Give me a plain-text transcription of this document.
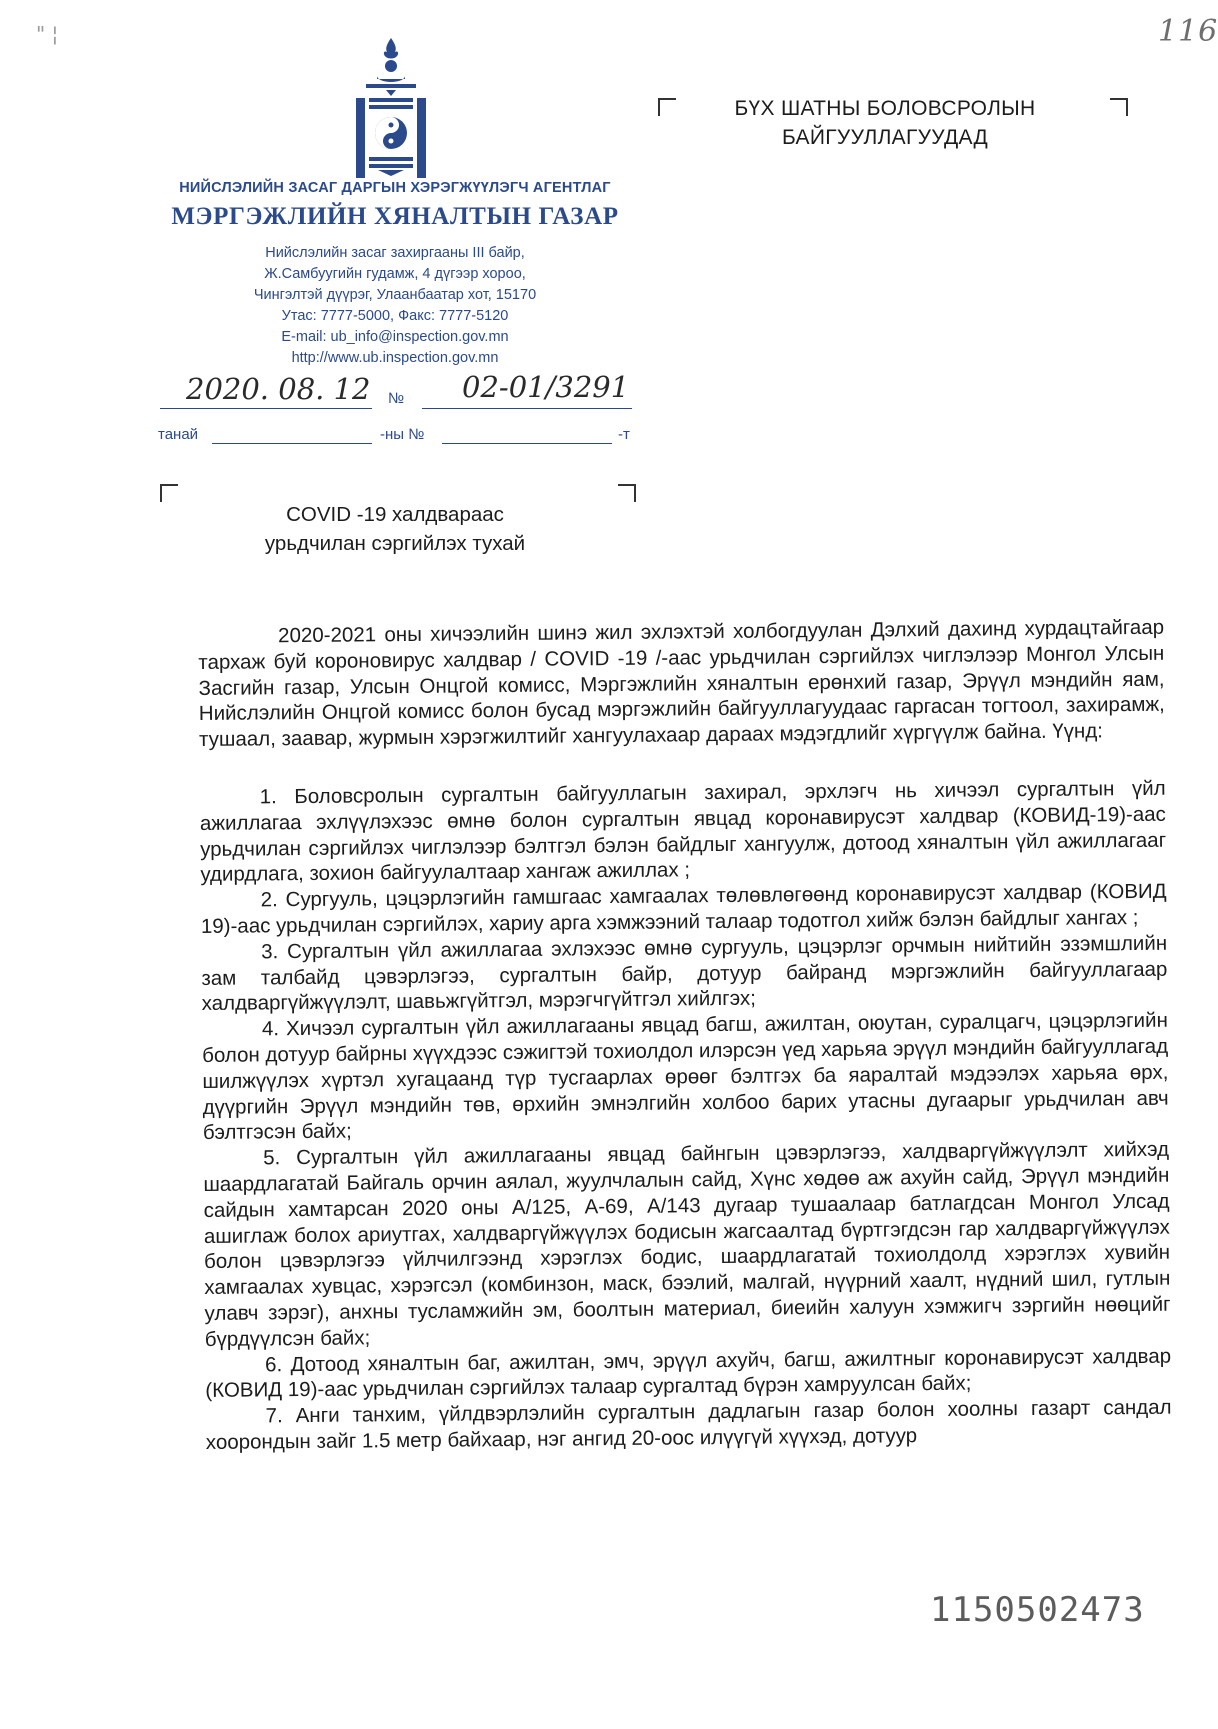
" ¦	116
НИЙСЛЭЛИЙН ЗАСАГ ДАРГЫН ХЭРЭГЖҮҮЛЭГЧ АГЕНТЛАГ
МЭРГЭЖЛИЙН ХЯНАЛТЫН ГАЗАР
Нийслэлийн засаг захиргааны III байр,
Ж.Самбуугийн гудамж, 4 дүгээр хороо,
Чингэлтэй дүүрэг, Улаанбаатар хот, 15170
Утас: 7777-5000, Факс: 7777-5120
E-mail: ub_info@inspection.gov.mn
http://www.ub.inspection.gov.mn
БҮХ ШАТНЫ БОЛОВСРОЛЫН
БАЙГУУЛЛАГУУДАД
2020. 08. 12 № 02-01/3291
танай	-ны №	-т
COVID -19 халдвараас
урьдчилан сэргийлэх тухай

2020-2021 оны хичээлийн шинэ жил эхлэхтэй холбогдуулан Дэлхий дахинд хурдацтайгаар тархаж буй короновирус халдвар / COVID -19 /-аас урьдчилан сэргийлэх чиглэлээр Монгол Улсын Засгийн газар, Улсын Онцгой комисс, Мэргэжлийн хяналтын ерөнхий газар, Эрүүл мэндийн яам, Нийслэлийн Онцгой комисс болон бусад мэргэжлийн байгууллагуудаас гаргасан тогтоол, захирамж, тушаал, заавар, журмын хэрэгжилтийг хангуулахаар дараах мэдэгдлийг хүргүүлж байна. Үүнд:

1. Боловсролын сургалтын байгууллагын захирал, эрхлэгч нь хичээл сургалтын үйл ажиллагаа эхлүүлэхээс өмнө болон сургалтын явцад коронавирусэт халдвар (КОВИД-19)-аас урьдчилан сэргийлэх чиглэлээр бэлтгэл бэлэн байдлыг хангуулж, дотоод хяналтын үйл ажиллагааг удирдлага, зохион байгуулалтаар хангаж ажиллах ;

2. Сургууль, цэцэрлэгийн гамшгаас хамгаалах төлөвлөгөөнд коронавирусэт халдвар (КОВИД 19)-аас урьдчилан сэргийлэх, хариу арга хэмжээний талаар тодотгол хийж бэлэн байдлыг хангах ;

3. Сургалтын үйл ажиллагаа эхлэхээс өмнө сургууль, цэцэрлэг орчмын нийтийн эзэмшлийн зам талбайд цэвэрлэгээ, сургалтын байр, дотуур байранд мэргэжлийн байгууллагаар халдваргүйжүүлэлт, шавьжгүйтгэл, мэрэгчгүйтгэл хийлгэх;

4. Хичээл сургалтын үйл ажиллагааны явцад багш, ажилтан, оюутан, суралцагч, цэцэрлэгийн болон дотуур байрны хүүхдээс сэжигтэй тохиолдол илэрсэн үед харьяа эрүүл мэндийн байгууллагад шилжүүлэх хүртэл хугацаанд түр тусгаарлах өрөөг бэлтгэх ба яаралтай мэдээлэх харьяа өрх, дүүргийн Эрүүл мэндийн төв, өрхийн эмнэлгийн холбоо барих утасны дугаарыг урьдчилан авч бэлтгэсэн байх;

5. Сургалтын үйл ажиллагааны явцад байнгын цэвэрлэгээ, халдваргүйжүүлэлт хийхэд шаардлагатай Байгаль орчин аялал, жуулчлалын сайд, Хүнс хөдөө аж ахуйн сайд, Эрүүл мэндийн сайдын хамтарсан 2020 оны А/125, А-69, А/143 дугаар тушаалаар батлагдсан Монгол Улсад ашиглаж болох ариутгах, халдваргүйжүүлэх бодисын жагсаалтад бүртгэгдсэн гар халдваргүйжүүлэх болон цэвэрлэгээ үйлчилгээнд хэрэглэх бодис, шаардлагатай тохиолдолд хэрэглэх хувийн хамгаалах хувцас, хэрэгсэл (комбинзон, маск, бээлий, малгай, нүүрний хаалт, нүдний шил, гутлын улавч зэрэг), анхны тусламжийн эм, боолтын материал, биеийн халуун хэмжигч зэргийн нөөцийг бүрдүүлсэн байх;

6. Дотоод хяналтын баг, ажилтан, эмч, эрүүл ахуйч, багш, ажилтныг коронавирусэт халдвар (КОВИД 19)-аас урьдчилан сэргийлэх талаар сургалтад бүрэн хамруулсан байх;

7. Анги танхим, үйлдвэрлэлийн сургалтын дадлагын газар болон хоолны газарт сандал хоорондын зайг 1.5 метр байхаар, нэг ангид 20-оос илүүгүй хүүхэд, дотуур

1150502473
